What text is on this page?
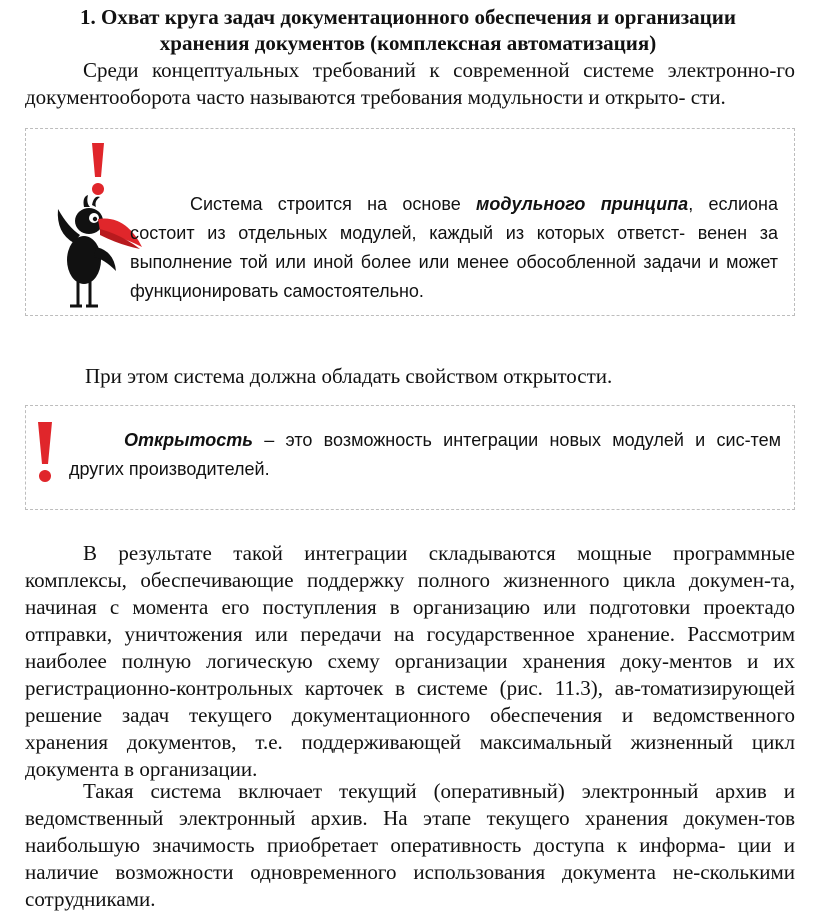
1. Охват круга задач документационного обеспечения и организации хранения документов (комплексная автоматизация)
Среди концептуальных требований к современной системе электронно-го документооборота часто называются требования модульности и открыто- сти.
Система строится на основе модульного принципа, еслиона состоит из отдельных модулей, каждый из которых ответст- венен за выполнение той или иной более или менее обособленной задачи и может функционировать самостоятельно.
При этом система должна обладать свойством открытости.
Открытость – это возможность интеграции новых модулей и сис-тем других производителей.
В результате такой интеграции складываются мощные программные комплексы, обеспечивающие поддержку полного жизненного цикла докумен-та, начиная с момента его поступления в организацию или подготовки проектадо отправки, уничтожения или передачи на государственное хранение. Рассмотрим наиболее полную логическую схему организации хранения доку-ментов и их регистрационно-контрольных карточек в системе (рис. 11.3), ав-томатизирующей решение задач текущего документационного обеспечения и ведомственного хранения документов, т.е. поддерживающей максимальный жизненный цикл документа в организации.
Такая система включает текущий (оперативный) электронный архив и ведомственный электронный архив. На этапе текущего хранения докумен-тов наибольшую значимость приобретает оперативность доступа к информа- ции и наличие возможности одновременного использования документа не-сколькими сотрудниками.
